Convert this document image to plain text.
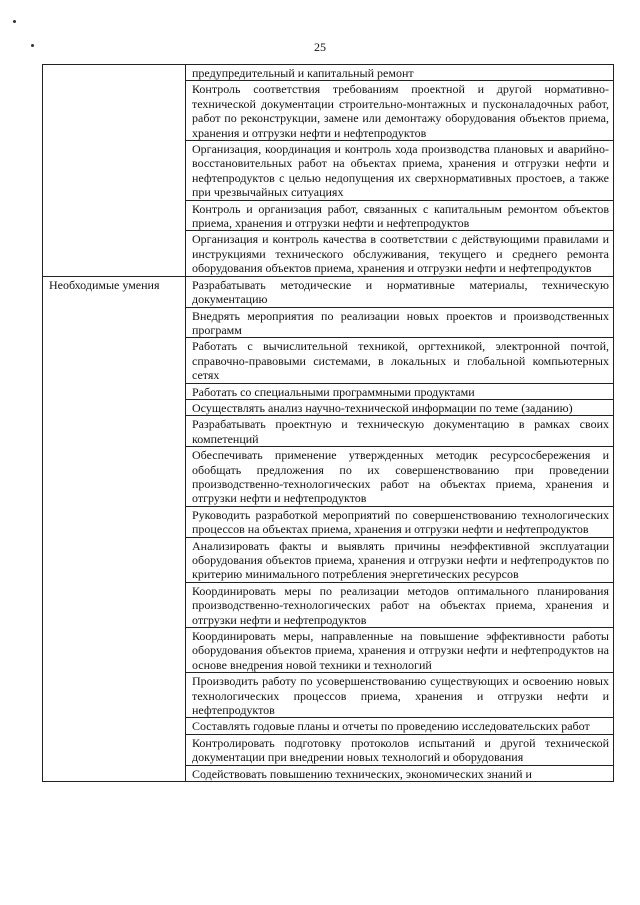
25
	предупредительный и капитальный ремонт
	Контроль соответствия требованиям проектной и другой нормативно-технической документации строительно-монтажных и пусконаладочных работ, работ по реконструкции, замене или демонтажу оборудования объектов приема, хранения и отгрузки нефти и нефтепродуктов
	Организация, координация и контроль хода производства плановых и аварийно-восстановительных работ на объектах приема, хранения и отгрузки нефти и нефтепродуктов с целью недопущения их сверхнормативных простоев, а также при чрезвычайных ситуациях
	Контроль и организация работ, связанных с капитальным ремонтом объектов приема, хранения и отгрузки нефти и нефтепродуктов
	Организация и контроль качества в соответствии с действующими правилами и инструкциями технического обслуживания, текущего и среднего ремонта оборудования объектов приема, хранения и отгрузки нефти и нефтепродуктов
Необходимые умения	Разрабатывать методические и нормативные материалы, техническую документацию
	Внедрять мероприятия по реализации новых проектов и производственных программ
	Работать с вычислительной техникой, оргтехникой, электронной почтой, справочно-правовыми системами, в локальных и глобальной компьютерных сетях
	Работать со специальными программными продуктами
	Осуществлять анализ научно-технической информации по теме (заданию)
	Разрабатывать проектную и техническую документацию в рамках своих компетенций
	Обеспечивать применение утвержденных методик ресурсосбережения и обобщать предложения по их совершенствованию при проведении производственно-технологических работ на объектах приема, хранения и отгрузки нефти и нефтепродуктов
	Руководить разработкой мероприятий по совершенствованию технологических процессов на объектах приема, хранения и отгрузки нефти и нефтепродуктов
	Анализировать факты и выявлять причины неэффективной эксплуатации оборудования объектов приема, хранения и отгрузки нефти и нефтепродуктов по критерию минимального потребления энергетических ресурсов
	Координировать меры по реализации методов оптимального планирования производственно-технологических работ на объектах приема, хранения и отгрузки нефти и нефтепродуктов
	Координировать меры, направленные на повышение эффективности работы оборудования объектов приема, хранения и отгрузки нефти и нефтепродуктов на основе внедрения новой техники и технологий
	Производить работу по усовершенствованию существующих и освоению новых технологических процессов приема, хранения и отгрузки нефти и нефтепродуктов
	Составлять годовые планы и отчеты по проведению исследовательских работ
	Контролировать подготовку протоколов испытаний и другой технической документации при внедрении новых технологий и оборудования
	Содействовать повышению технических, экономических знаний и
